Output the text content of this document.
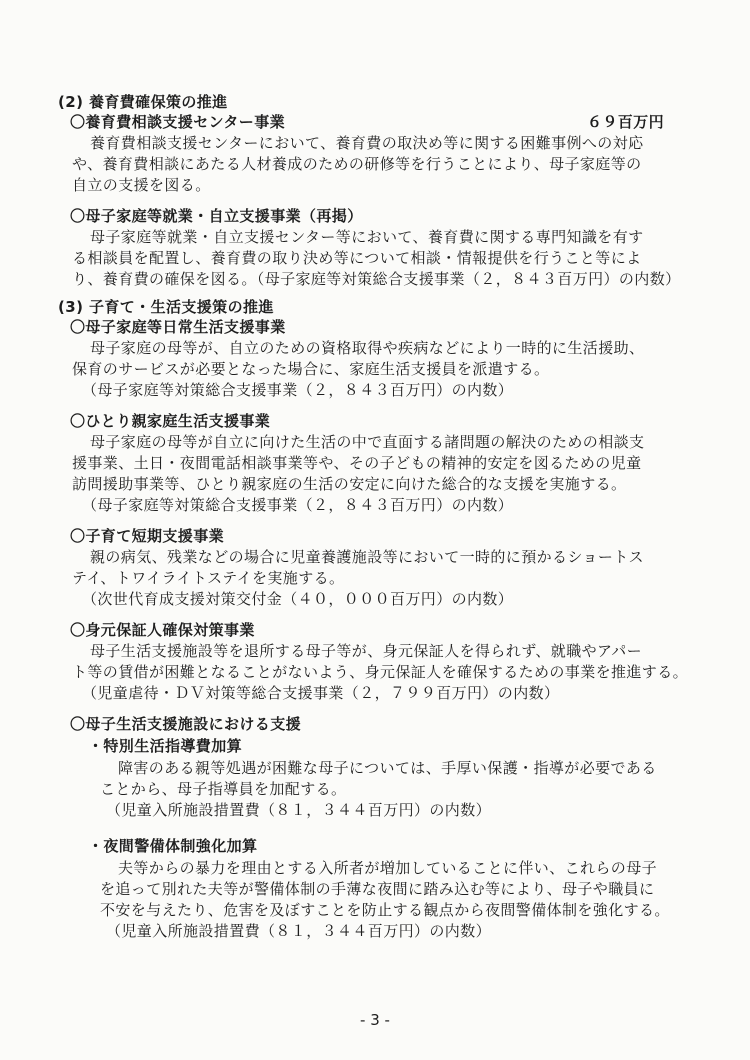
(2) 養育費確保策の推進

〇養育費相談支援センター事業	６９百万円

養育費相談支援センターにおいて、養育費の取決め等に関する困難事例への対応

や、養育費相談にあたる人材養成のための研修等を行うことにより、母子家庭等の

自立の支援を図る。

〇母子家庭等就業・自立支援事業（再掲）

母子家庭等就業・自立支援センター等において、養育費に関する専門知識を有す

る相談員を配置し、養育費の取り決め等について相談・情報提供を行うこと等によ

り、養育費の確保を図る。（母子家庭等対策総合支援事業（２，８４３百万円）の内数）

(3) 子育て・生活支援策の推進

〇母子家庭等日常生活支援事業

母子家庭の母等が、自立のための資格取得や疾病などにより一時的に生活援助、

保育のサービスが必要となった場合に、家庭生活支援員を派遣する。

（母子家庭等対策総合支援事業（２，８４３百万円）の内数）

〇ひとり親家庭生活支援事業

母子家庭の母等が自立に向けた生活の中で直面する諸問題の解決のための相談支

援事業、土日・夜間電話相談事業等や、その子どもの精神的安定を図るための児童

訪問援助事業等、ひとり親家庭の生活の安定に向けた総合的な支援を実施する。

（母子家庭等対策総合支援事業（２，８４３百万円）の内数）

〇子育て短期支援事業

親の病気、残業などの場合に児童養護施設等において一時的に預かるショートス

テイ、トワイライトステイを実施する。

（次世代育成支援対策交付金（４０，０００百万円）の内数）

〇身元保証人確保対策事業

母子生活支援施設等を退所する母子等が、身元保証人を得られず、就職やアパー

ト等の賃借が困難となることがないよう、身元保証人を確保するための事業を推進する。

（児童虐待・ＤＶ対策等総合支援事業（２，７９９百万円）の内数）

〇母子生活支援施設における支援

・特別生活指導費加算

障害のある親等処遇が困難な母子については、手厚い保護・指導が必要である

ことから、母子指導員を加配する。

（児童入所施設措置費（８１，３４４百万円）の内数）

・夜間警備体制強化加算

夫等からの暴力を理由とする入所者が増加していることに伴い、これらの母子

を追って別れた夫等が警備体制の手薄な夜間に踏み込む等により、母子や職員に

不安を与えたり、危害を及ぼすことを防止する観点から夜間警備体制を強化する。

（児童入所施設措置費（８１，３４４百万円）の内数）

- 3 -
